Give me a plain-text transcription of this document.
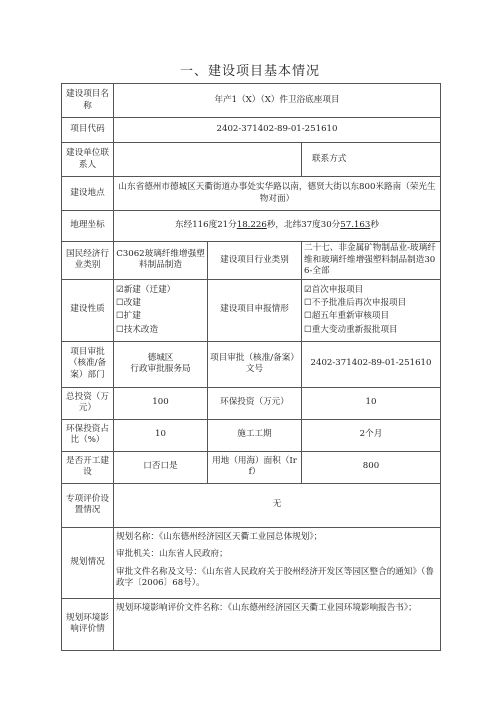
一、建设项目基本情况
建设项目名称	年产1（X）（X）件卫浴底座项目		
项目代码	2402-371402-89-01-251610		
建设单位联系人			联系方式
建设地点	山东省德州市德城区天衢街道办事处实华路以南，德贤大街以东800米路南（荣光生物对面）		
地理坐标	东经116度21分18.226秒，北纬37度30分57.163秒		
国民经济行业类别	C3062玻璃纤维增强塑料制品制造	建设项目行业类别	二十七、非金属矿物制品业-玻璃纤维和玻璃纤维增强塑料制品制造306-全部
建设性质	☑新建（迁建）
☐改建
☐扩建
☐技术改造	建设项目申报情形	☑首次申报项目
☐不予批准后再次申报项目
☐超五年重新审核项目
☐重大变动重新报批项目

项目审批（核准/备案）部门	德城区
行政审批服务局	项目审批（核准/备案）文号	2402-371402-89-01-251610
总投资（万元）	100	环保投资（万元）	10
环保投资占比（%）	10	施工工期	2个月
是否开工建设	口否口是	用地（用海）面积（Irf）	800
专项评价设置情况	无		
规划情况	规划名称：《山东德州经济园区天衢工业园总体规划》；

审批机关：山东省人民政府；

审批文件名称及文号：《山东省人民政府关于胶州经济开发区等园区整合的通知》（鲁政字〔2006〕68号）。		

规划环境影响评价情	规划环境影响评价文件名称：《山东德州经济园区天衢工业园环境影响报告书》；		
